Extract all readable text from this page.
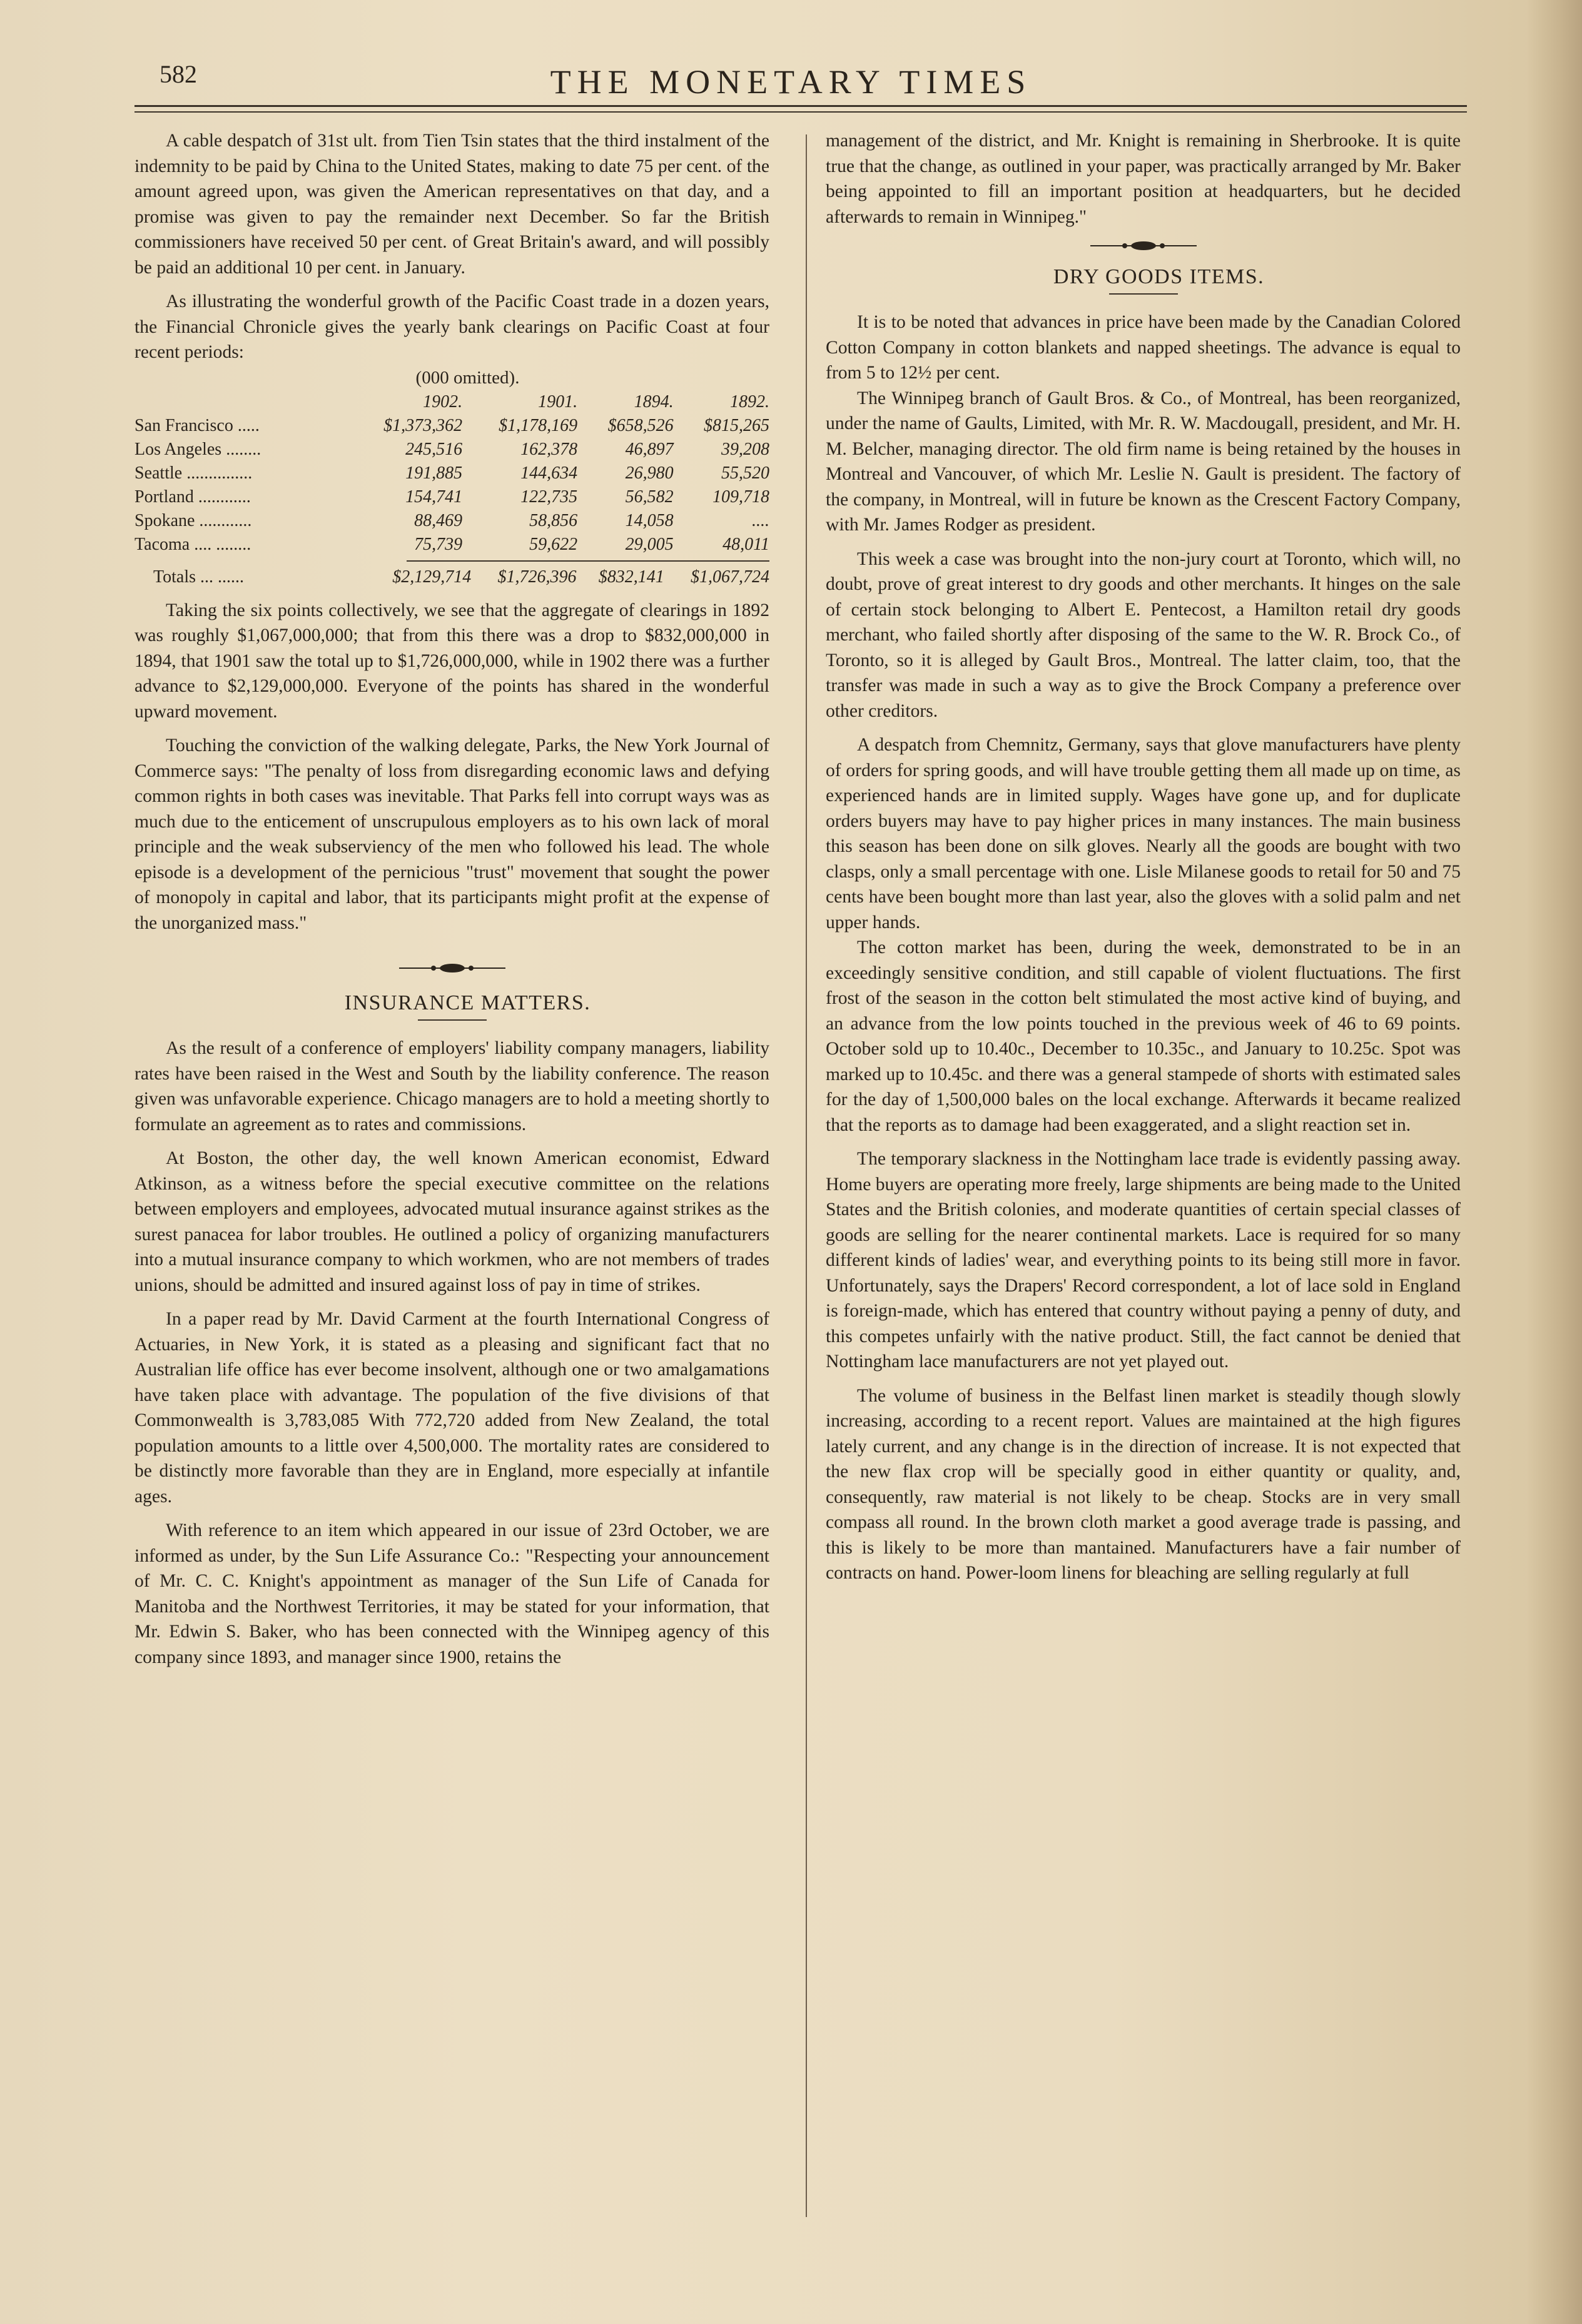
582	THE MONETARY TIMES

A cable despatch of 31st ult. from Tien Tsin states that the third instalment of the indemnity to be paid by China to the United States, making to date 75 per cent. of the amount agreed upon, was given the American representatives on that day, and a promise was given to pay the remainder next December. So far the British commissioners have received 50 per cent. of Great Britain's award, and will possibly be paid an additional 10 per cent. in January.

As illustrating the wonderful growth of the Pacific Coast trade in a dozen years, the Financial Chronicle gives the yearly bank clearings on Pacific Coast at four recent periods:

(000 omitted).

	1902.	1901.	1894.	1892.
San Francisco .....	$1,373,362	$1,178,169	$658,526	$815,265
Los Angeles ........	245,516	162,378	46,897	39,208
Seattle ...............	191,885	144,634	26,980	55,520
Portland ............	154,741	122,735	56,582	109,718
Spokane ............	88,469	58,856	14,058	....
Tacoma .... ........	75,739	59,622	29,005	48,011
Totals ... ......	$2,129,714	$1,726,396	$832,141	$1,067,724

Taking the six points collectively, we see that the aggregate of clearings in 1892 was roughly $1,067,000,000; that from this there was a drop to $832,000,000 in 1894, that 1901 saw the total up to $1,726,000,000, while in 1902 there was a further advance to $2,129,000,000. Everyone of the points has shared in the wonderful upward movement.

Touching the conviction of the walking delegate, Parks, the New York Journal of Commerce says: "The penalty of loss from disregarding economic laws and defying common rights in both cases was inevitable. That Parks fell into corrupt ways was as much due to the enticement of unscrupulous employers as to his own lack of moral principle and the weak subserviency of the men who followed his lead. The whole episode is a development of the pernicious "trust" movement that sought the power of monopoly in capital and labor, that its participants might profit at the expense of the unorganized mass."

INSURANCE MATTERS.

As the result of a conference of employers' liability company managers, liability rates have been raised in the West and South by the liability conference. The reason given was unfavorable experience. Chicago managers are to hold a meeting shortly to formulate an agreement as to rates and commissions.

At Boston, the other day, the well known American economist, Edward Atkinson, as a witness before the special executive committee on the relations between employers and employees, advocated mutual insurance against strikes as the surest panacea for labor troubles. He outlined a policy of organizing manufacturers into a mutual insurance company to which workmen, who are not members of trades unions, should be admitted and insured against loss of pay in time of strikes.

In a paper read by Mr. David Carment at the fourth International Congress of Actuaries, in New York, it is stated as a pleasing and significant fact that no Australian life office has ever become insolvent, although one or two amalgamations have taken place with advantage. The population of the five divisions of that Commonwealth is 3,783,085 With 772,720 added from New Zealand, the total population amounts to a little over 4,500,000. The mortality rates are considered to be distinctly more favorable than they are in England, more especially at infantile ages.

With reference to an item which appeared in our issue of 23rd October, we are informed as under, by the Sun Life Assurance Co.: "Respecting your announcement of Mr. C. C. Knight's appointment as manager of the Sun Life of Canada for Manitoba and the Northwest Territories, it may be stated for your information, that Mr. Edwin S. Baker, who has been connected with the Winnipeg agency of this company since 1893, and manager since 1900, retains the

management of the district, and Mr. Knight is remaining in Sherbrooke. It is quite true that the change, as outlined in your paper, was practically arranged by Mr. Baker being appointed to fill an important position at headquarters, but he decided afterwards to remain in Winnipeg."

DRY GOODS ITEMS.

It is to be noted that advances in price have been made by the Canadian Colored Cotton Company in cotton blankets and napped sheetings. The advance is equal to from 5 to 12½ per cent.

The Winnipeg branch of Gault Bros. & Co., of Montreal, has been reorganized, under the name of Gaults, Limited, with Mr. R. W. Macdougall, president, and Mr. H. M. Belcher, managing director. The old firm name is being retained by the houses in Montreal and Vancouver, of which Mr. Leslie N. Gault is president. The factory of the company, in Montreal, will in future be known as the Crescent Factory Company, with Mr. James Rodger as president.

This week a case was brought into the non-jury court at Toronto, which will, no doubt, prove of great interest to dry goods and other merchants. It hinges on the sale of certain stock belonging to Albert E. Pentecost, a Hamilton retail dry goods merchant, who failed shortly after disposing of the same to the W. R. Brock Co., of Toronto, so it is alleged by Gault Bros., Montreal. The latter claim, too, that the transfer was made in such a way as to give the Brock Company a preference over other creditors.

A despatch from Chemnitz, Germany, says that glove manufacturers have plenty of orders for spring goods, and will have trouble getting them all made up on time, as experienced hands are in limited supply. Wages have gone up, and for duplicate orders buyers may have to pay higher prices in many instances. The main business this season has been done on silk gloves. Nearly all the goods are bought with two clasps, only a small percentage with one. Lisle Milanese goods to retail for 50 and 75 cents have been bought more than last year, also the gloves with a solid palm and net upper hands.

The cotton market has been, during the week, demonstrated to be in an exceedingly sensitive condition, and still capable of violent fluctuations. The first frost of the season in the cotton belt stimulated the most active kind of buying, and an advance from the low points touched in the previous week of 46 to 69 points. October sold up to 10.40c., December to 10.35c., and January to 10.25c. Spot was marked up to 10.45c. and there was a general stampede of shorts with estimated sales for the day of 1,500,000 bales on the local exchange. Afterwards it became realized that the reports as to damage had been exaggerated, and a slight reaction set in.

The temporary slackness in the Nottingham lace trade is evidently passing away. Home buyers are operating more freely, large shipments are being made to the United States and the British colonies, and moderate quantities of certain special classes of goods are selling for the nearer continental markets. Lace is required for so many different kinds of ladies' wear, and everything points to its being still more in favor. Unfortunately, says the Drapers' Record correspondent, a lot of lace sold in England is foreign-made, which has entered that country without paying a penny of duty, and this competes unfairly with the native product. Still, the fact cannot be denied that Nottingham lace manufacturers are not yet played out.

The volume of business in the Belfast linen market is steadily though slowly increasing, according to a recent report. Values are maintained at the high figures lately current, and any change is in the direction of increase. It is not expected that the new flax crop will be specially good in either quantity or quality, and, consequently, raw material is not likely to be cheap. Stocks are in very small compass all round. In the brown cloth market a good average trade is passing, and this is likely to be more than mantained. Manufacturers have a fair number of contracts on hand. Power-loom linens for bleaching are selling regularly at full
